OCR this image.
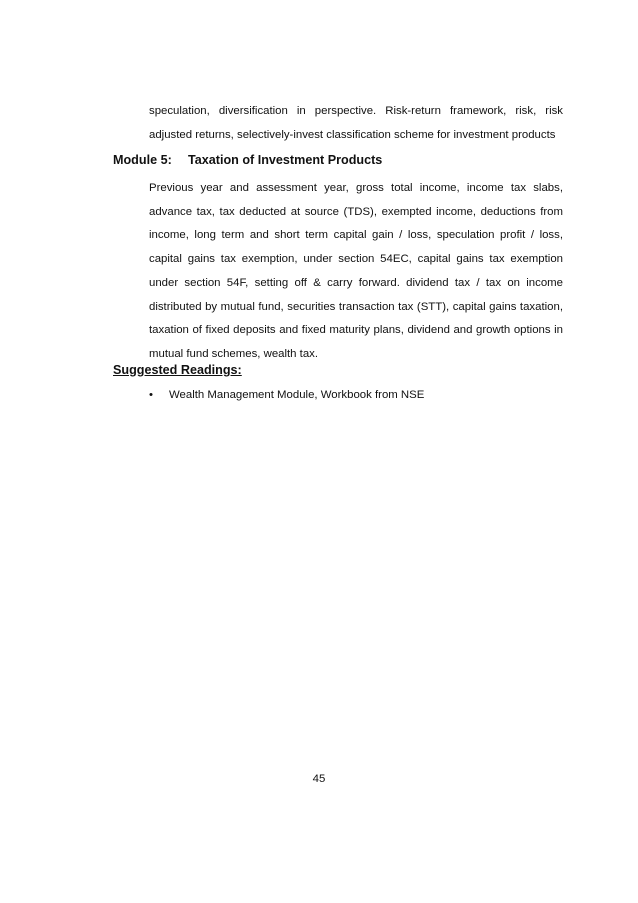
speculation, diversification in perspective. Risk-return framework, risk, risk adjusted returns, selectively-invest classification scheme for investment products

Module 5: Taxation of Investment Products

Previous year and assessment year, gross total income, income tax slabs, advance tax, tax deducted at source (TDS), exempted income, deductions from income, long term and short term capital gain / loss, speculation profit / loss, capital gains tax exemption, under section 54EC, capital gains tax exemption under section 54F, setting off & carry forward. dividend tax / tax on income distributed by mutual fund, securities transaction tax (STT), capital gains taxation, taxation of fixed deposits and fixed maturity plans, dividend and growth options in mutual fund schemes, wealth tax.

Suggested Readings:
• Wealth Management Module, Workbook from NSE
45
